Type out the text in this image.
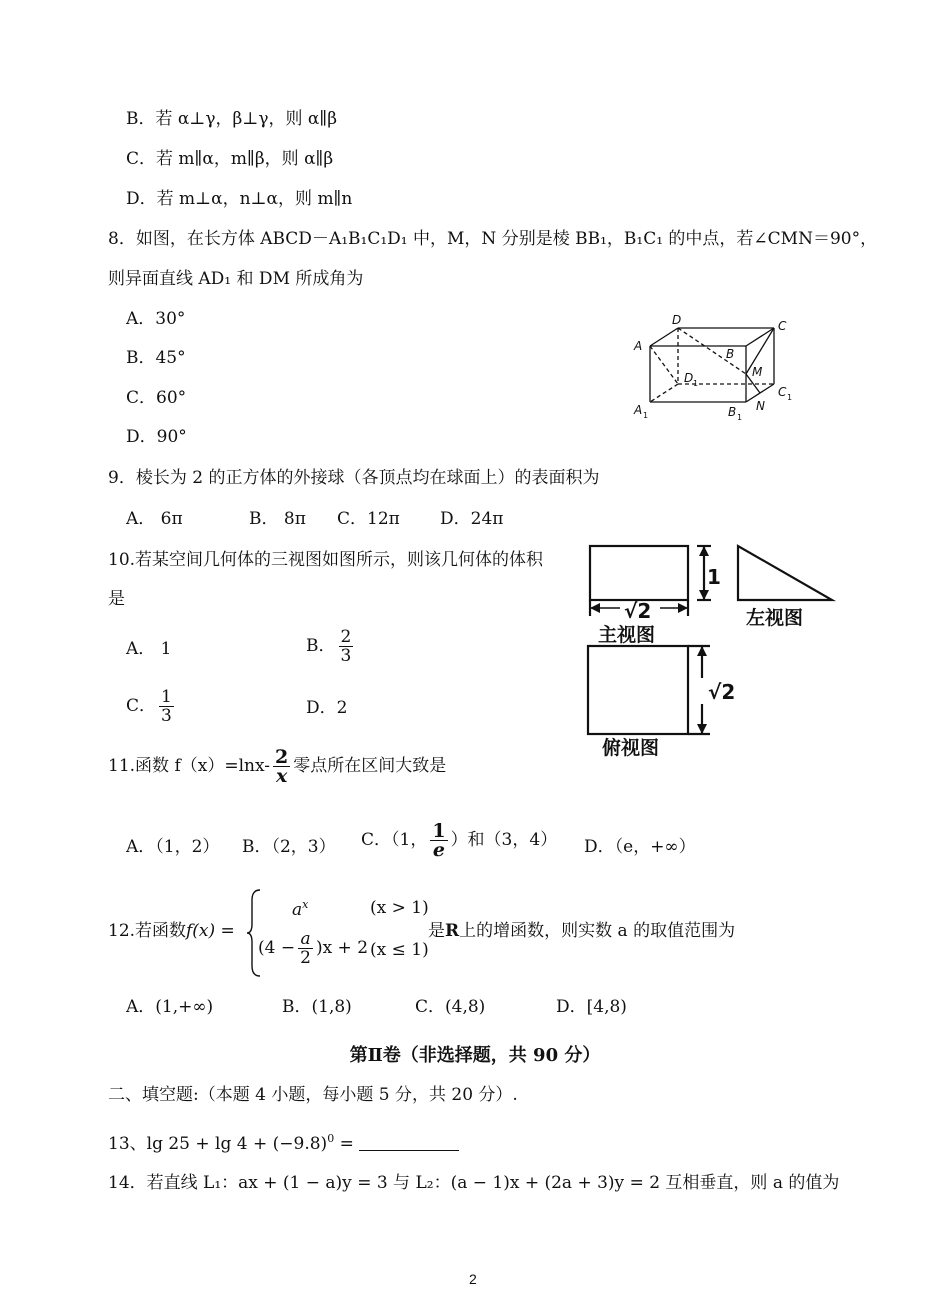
B．若 α⊥γ，β⊥γ，则 α∥β
C．若 m∥α，m∥β，则 α∥β
D．若 m⊥α，n⊥α，则 m∥n
8．如图，在长方体 ABCD－A₁B₁C₁D₁ 中，M，N 分别是棱 BB₁，B₁C₁ 的中点，若∠CMN＝90°，
则异面直线 AD₁ 和 DM 所成角为
A．30°
B．45°
C．60°
D．90°
D	C
A
B
M
D
C
A	B N
1
1
1	1
9．棱长为 2 的正方体的外接球（各顶点均在球面上）的表面积为
A． 6π	B． 8π C．12π D．24π
10.若某空间几何体的三视图如图所示，则该几何体的体积
是
A． 1	B． $\frac{2}{3}$
C． $\frac{1}{3}$	D．2
1
√2
√2
主视图
左视图
俯视图
11.函数 $f(x)=\ln x- \frac{2}{x}$ 零点所在区间大致是
A．（1，2） B．（2，3） C．（1， $\frac{1}{e}$ ）和（3，4） D．（e，+∞）
12.若函数 f(x) =
$a^x$	(x > 1)
$(4 - \frac{a}{2} )x + 2$ (x ≤ 1)
是R上的增函数，则实数 a 的取值范围为
A．(1,+∞)	B．(1,8)	C．(4,8)	D．[4,8)
第Ⅱ卷（非选择题，共 90 分）
二、填空题:（本题 4 小题，每小题 5 分，共 20 分）.
13、$\lg 25 + \lg 4 + (-9.8)^0$ =
14．若直线 L₁：ax + (1 − a)y = 3 与 L₂：(a − 1)x + (2a + 3)y = 2 互相垂直，则 a 的值为
2
